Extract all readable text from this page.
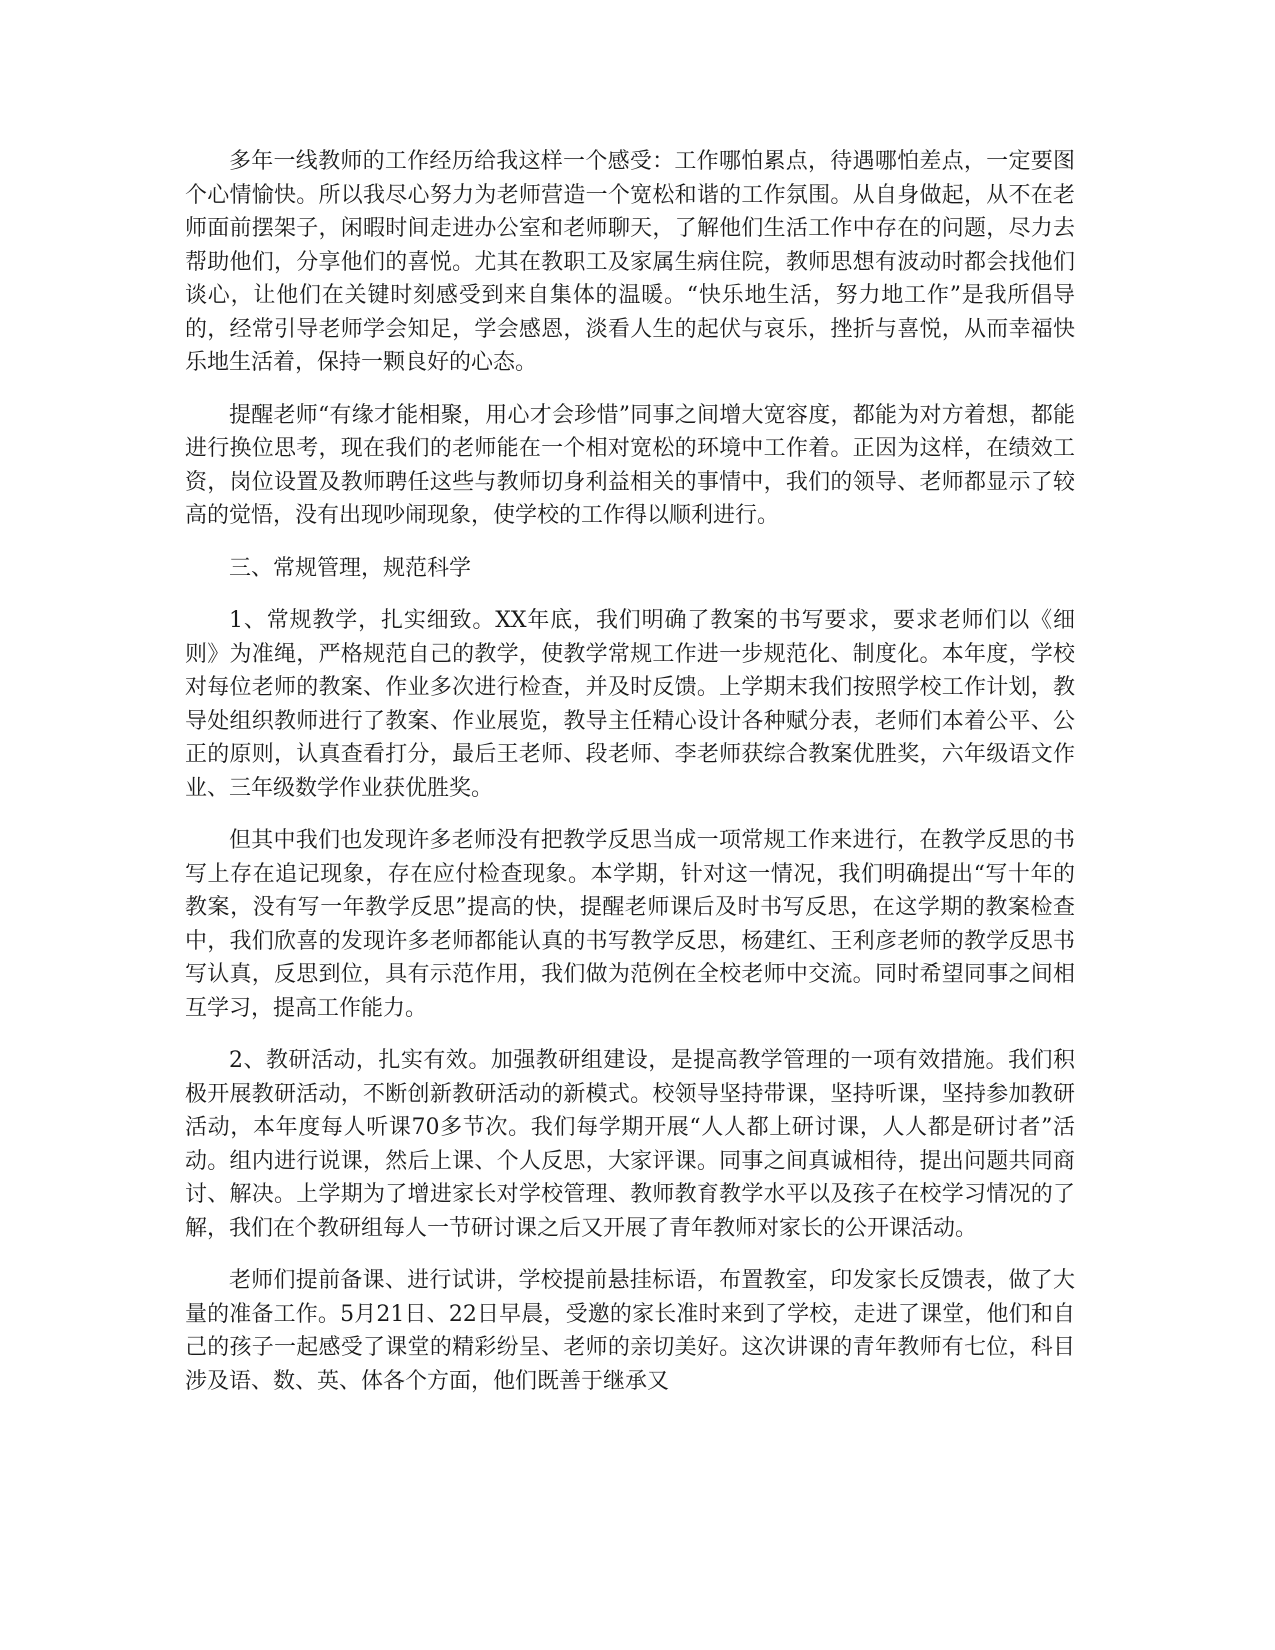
多年一线教师的工作经历给我这样一个感受：工作哪怕累点，待遇哪怕差点，一定要图个心情愉快。所以我尽心努力为老师营造一个宽松和谐的工作氛围。从自身做起，从不在老师面前摆架子，闲暇时间走进办公室和老师聊天，了解他们生活工作中存在的问题，尽力去帮助他们，分享他们的喜悦。尤其在教职工及家属生病住院，教师思想有波动时都会找他们谈心，让他们在关键时刻感受到来自集体的温暖。“快乐地生活，努力地工作”是我所倡导的，经常引导老师学会知足，学会感恩，淡看人生的起伏与哀乐，挫折与喜悦，从而幸福快乐地生活着，保持一颗良好的心态。

提醒老师“有缘才能相聚，用心才会珍惜”同事之间增大宽容度，都能为对方着想，都能进行换位思考，现在我们的老师能在一个相对宽松的环境中工作着。正因为这样，在绩效工资，岗位设置及教师聘任这些与教师切身利益相关的事情中，我们的领导、老师都显示了较高的觉悟，没有出现吵闹现象，使学校的工作得以顺利进行。

三、常规管理，规范科学

1、常规教学，扎实细致。XX年底，我们明确了教案的书写要求，要求老师们以《细则》为准绳，严格规范自己的教学，使教学常规工作进一步规范化、制度化。本年度，学校对每位老师的教案、作业多次进行检查，并及时反馈。上学期末我们按照学校工作计划，教导处组织教师进行了教案、作业展览，教导主任精心设计各种赋分表，老师们本着公平、公正的原则，认真查看打分，最后王老师、段老师、李老师获综合教案优胜奖，六年级语文作业、三年级数学作业获优胜奖。

但其中我们也发现许多老师没有把教学反思当成一项常规工作来进行，在教学反思的书写上存在追记现象，存在应付检查现象。本学期，针对这一情况，我们明确提出“写十年的教案，没有写一年教学反思”提高的快，提醒老师课后及时书写反思，在这学期的教案检查中，我们欣喜的发现许多老师都能认真的书写教学反思，杨建红、王利彦老师的教学反思书写认真，反思到位，具有示范作用，我们做为范例在全校老师中交流。同时希望同事之间相互学习，提高工作能力。

2、教研活动，扎实有效。加强教研组建设，是提高教学管理的一项有效措施。我们积极开展教研活动，不断创新教研活动的新模式。校领导坚持带课，坚持听课，坚持参加教研活动，本年度每人听课70多节次。我们每学期开展“人人都上研讨课，人人都是研讨者”活动。组内进行说课，然后上课、个人反思，大家评课。同事之间真诚相待，提出问题共同商讨、解决。上学期为了增进家长对学校管理、教师教育教学水平以及孩子在校学习情况的了解，我们在个教研组每人一节研讨课之后又开展了青年教师对家长的公开课活动。

老师们提前备课、进行试讲，学校提前悬挂标语，布置教室，印发家长反馈表，做了大量的准备工作。5月21日、22日早晨，受邀的家长准时来到了学校，走进了课堂，他们和自己的孩子一起感受了课堂的精彩纷呈、老师的亲切美好。这次讲课的青年教师有七位，科目涉及语、数、英、体各个方面，他们既善于继承又
